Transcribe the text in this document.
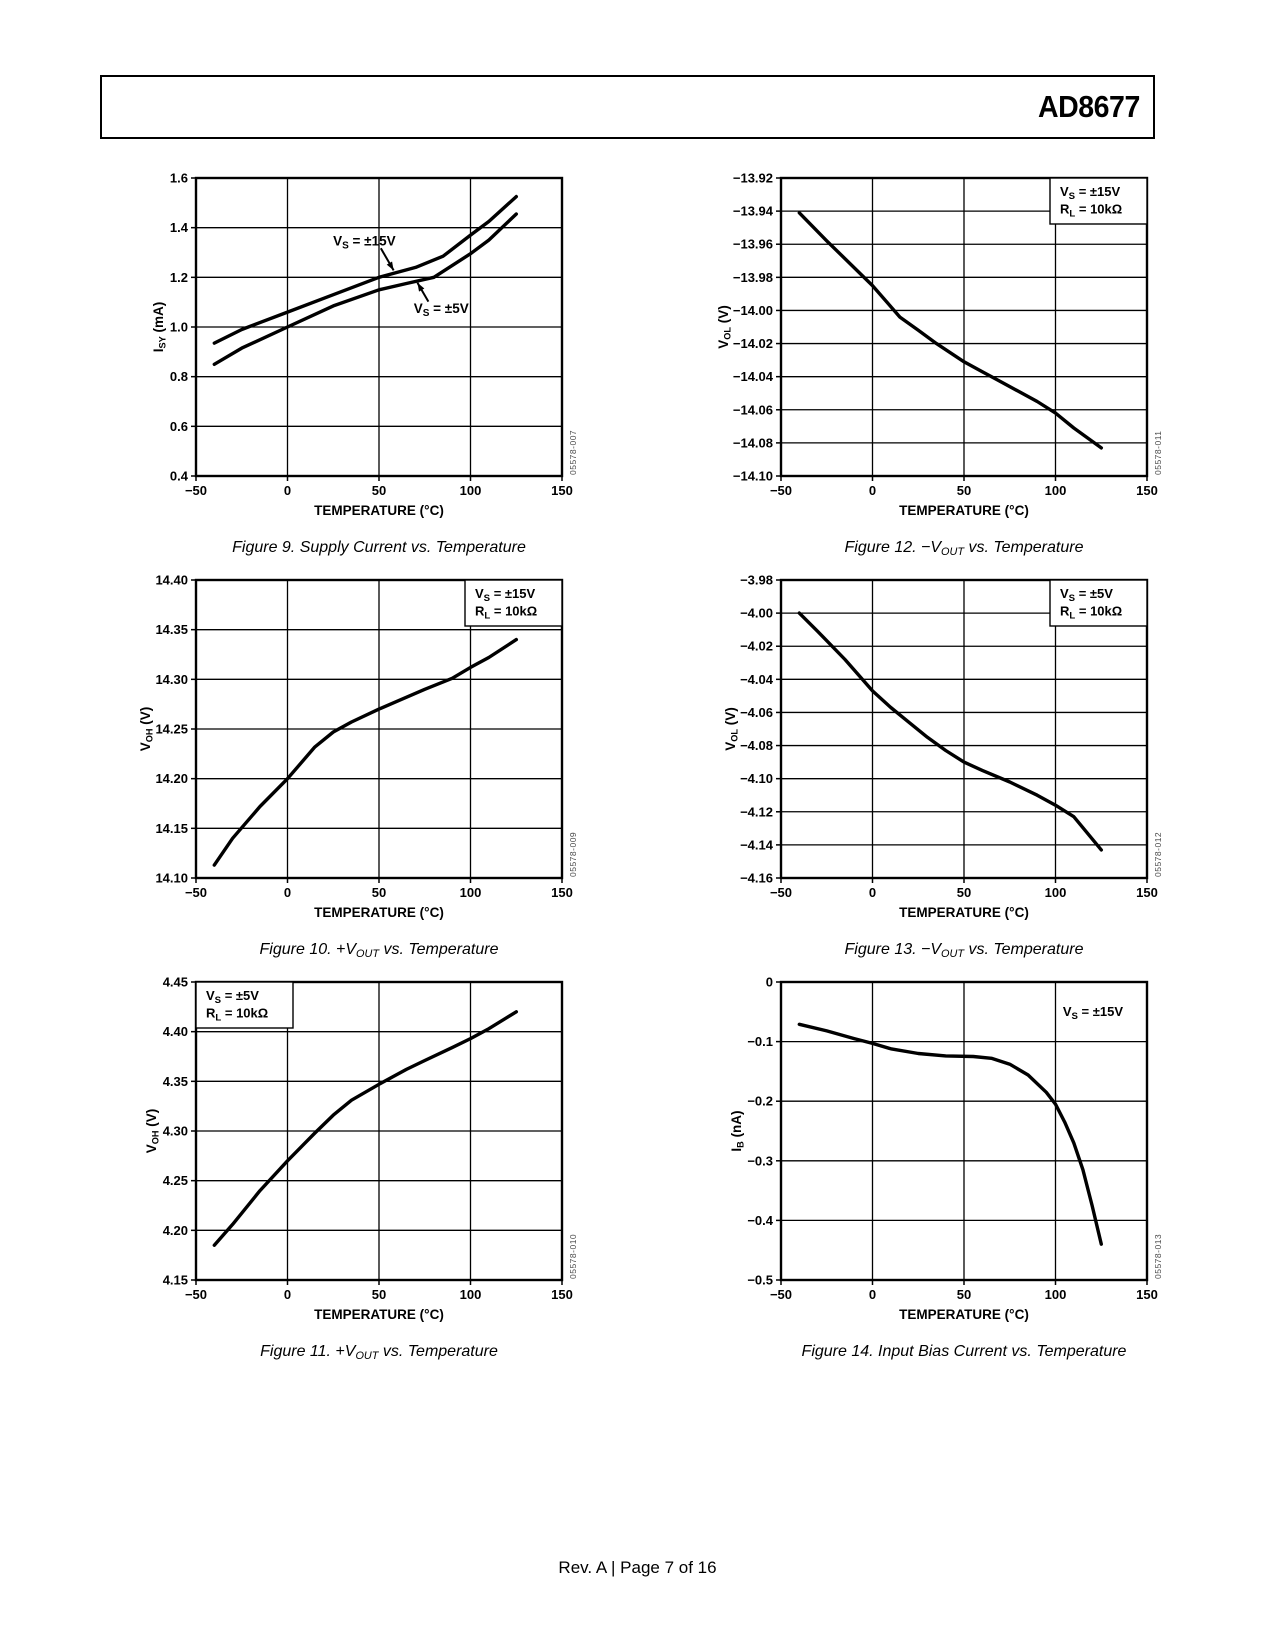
AD8677
$I_{SY}$ (mA)
−50	0	50	100	150
1.6
1.4
1.2
1.0
0.8
0.6
0.4
$V_S = \pm 15V$
$V_S = \pm 5V$
05578-007
TEMPERATURE (°C)
Figure 9. Supply Current vs. Temperature
$V_{OL}$ (V)
−50	0	50	100	150
−13.92
−13.94
−13.96
−13.98
−14.00
−14.02
−14.04
−14.06
−14.08
−14.10
$V_S = \pm 15V$
$R_L = 10k\Omega$
05578-011
TEMPERATURE (°C)
Figure 12. $-V_{OUT}$ vs. Temperature
$V_{OH}$ (V)
−50	0	50	100	150
14.40
14.35
14.30
14.25
14.20
14.15
14.10
$V_S = \pm 15V$
$R_L = 10k\Omega$
05578-009
TEMPERATURE (°C)
Figure 10. $+V_{OUT}$ vs. Temperature
$V_{OL}$ (V)
−50	0	50	100	150
−3.98
−4.00
−4.02
−4.04
−4.06
−4.08
−4.10
−4.12
−4.14
−4.16
$V_S = \pm 5V$
$R_L = 10k\Omega$
05578-012
TEMPERATURE (°C)
Figure 13. $-V_{OUT}$ vs. Temperature
$V_{OH}$ (V)
−50	0	50	100	150
4.45
4.40
4.35
4.30
4.25
4.20
4.15
$V_S = \pm 5V$
$R_L = 10k\Omega$
05578-010
TEMPERATURE (°C)
Figure 11. $+V_{OUT}$ vs. Temperature
$I_B$ (nA)
−50	0	50	100	150
0
−0.1
−0.2
−0.3
−0.4
−0.5
$V_S = \pm 15V$
05578-013
TEMPERATURE (°C)
Figure 14. Input Bias Current vs. Temperature
Rev. A | Page 7 of 16
